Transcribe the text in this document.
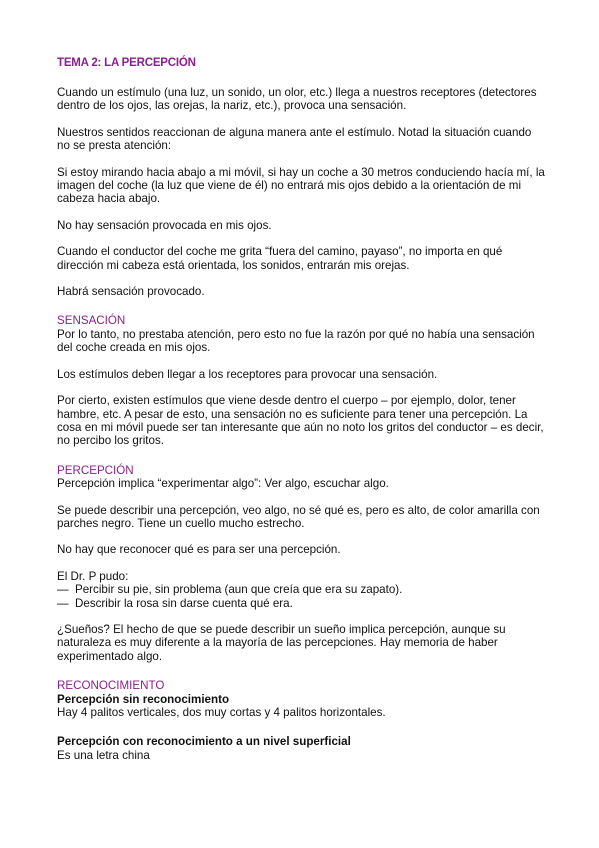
TEMA 2: LA PERCEPCIÓN

Cuando un estímulo (una luz, un sonido, un olor, etc.) llega a nuestros receptores (detectores dentro de los ojos, las orejas, la nariz, etc.), provoca una sensación.

Nuestros sentidos reaccionan de alguna manera ante el estímulo. Notad la situación cuando no se presta atención:

Si estoy mirando hacia abajo a mi móvil, si hay un coche a 30 metros conduciendo hacía mí, la imagen del coche (la luz que viene de él) no entrará mis ojos debido a la orientación de mi cabeza hacia abajo.

No hay sensación provocada en mis ojos.

Cuando el conductor del coche me grita “fuera del camino, payaso”, no importa en qué dirección mi cabeza está orientada, los sonidos, entrarán mis orejas.

Habrá sensación provocado.

SENSACIÓN

Por lo tanto, no prestaba atención, pero esto no fue la razón por qué no había una sensación del coche creada en mis ojos.

Los estímulos deben llegar a los receptores para provocar una sensación.

Por cierto, existen estímulos que viene desde dentro el cuerpo – por ejemplo, dolor, tener hambre, etc. A pesar de esto, una sensación no es suficiente para tener una percepción. La cosa en mi móvil puede ser tan interesante que aún no noto los gritos del conductor – es decir, no percibo los gritos.

PERCEPCIÓN

Percepción implica “experimentar algo”: Ver algo, escuchar algo.

Se puede describir una percepción, veo algo, no sé qué es, pero es alto, de color amarilla con parches negro. Tiene un cuello mucho estrecho.

No hay que reconocer qué es para ser una percepción.

El Dr. P pudo:

— Percibir su pie, sin problema (aun que creía que era su zapato).
— Describir la rosa sin darse cuenta qué era.

¿Sueños? El hecho de que se puede describir un sueño implica percepción, aunque su naturaleza es muy diferente a la mayoría de las percepciones. Hay memoria de haber experimentado algo.

RECONOCIMIENTO

Percepción sin reconocimiento

Hay 4 palitos verticales, dos muy cortas y 4 palitos horizontales.

Percepción con reconocimiento a un nivel superficial

Es una letra china
